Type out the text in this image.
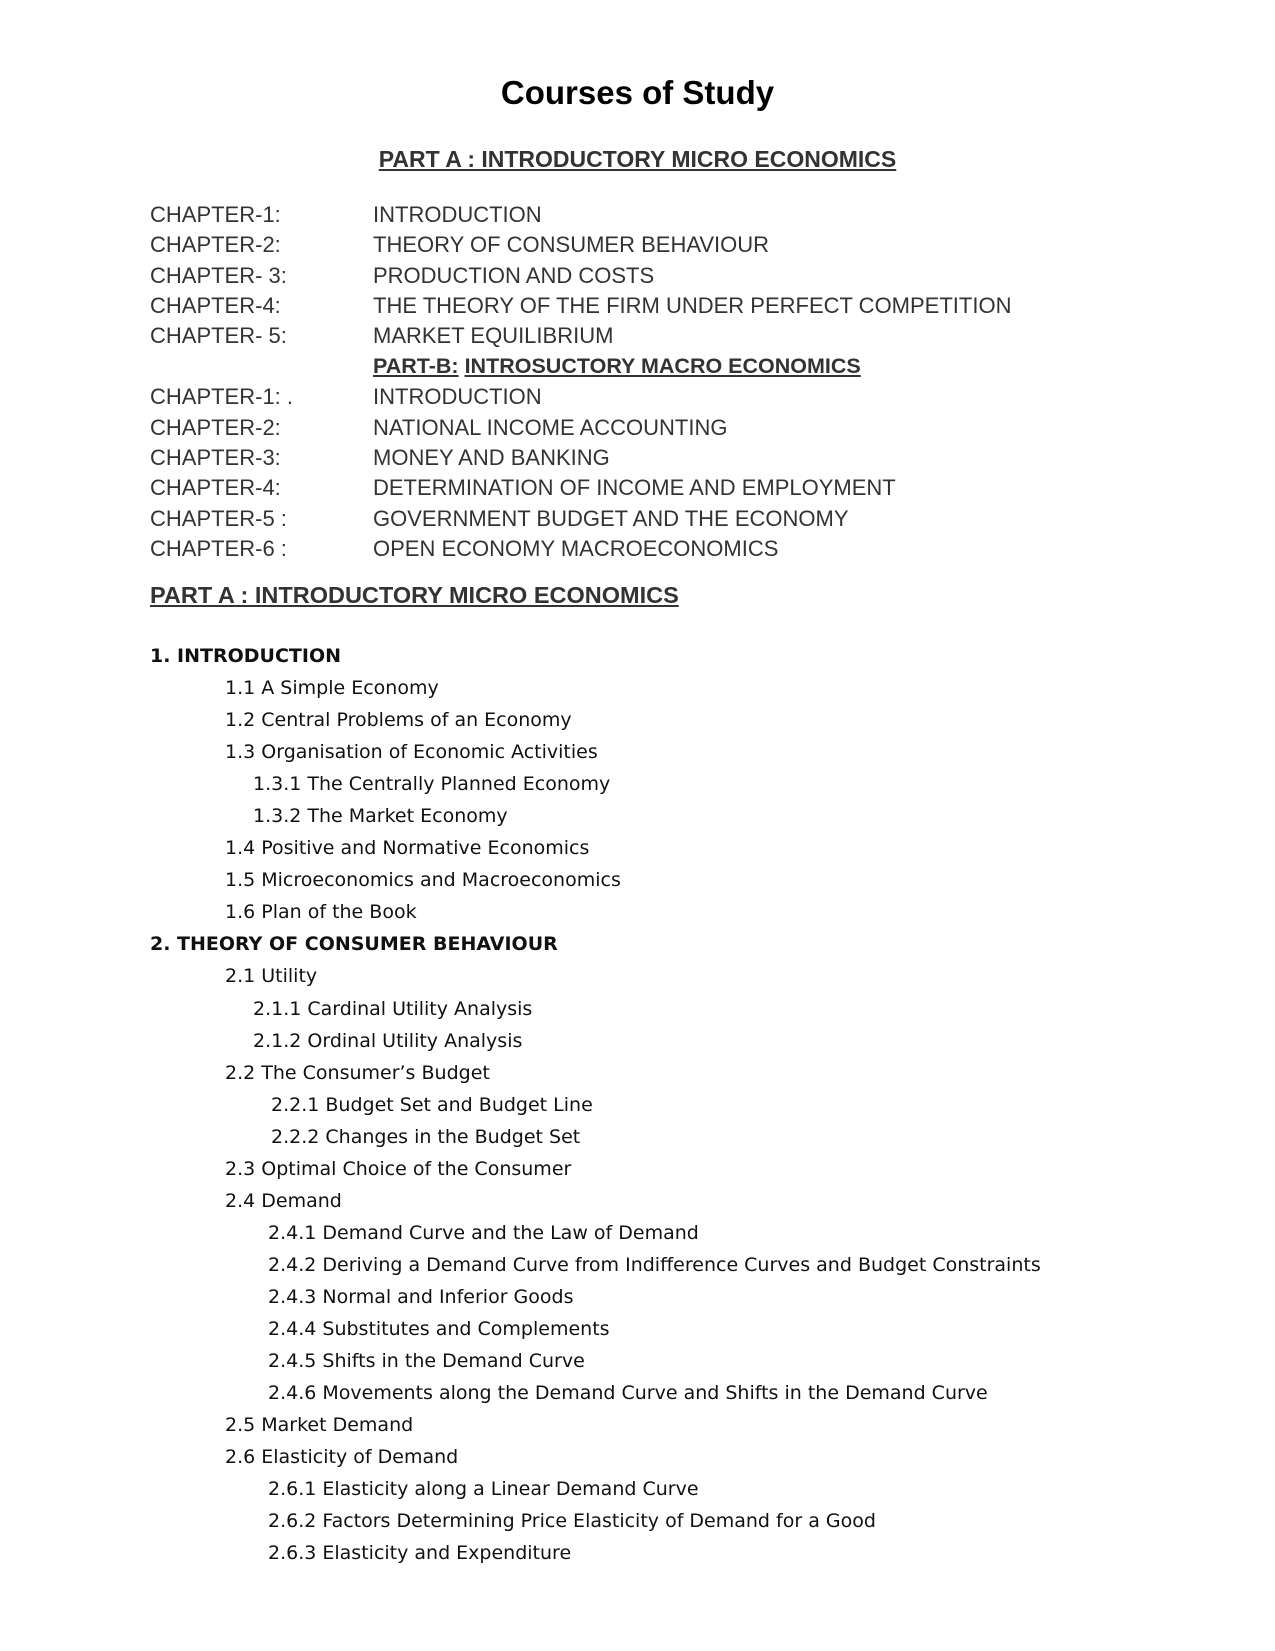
Courses of Study
PART A : INTRODUCTORY MICRO ECONOMICS
CHAPTER-1:	INTRODUCTION
CHAPTER-2:	THEORY OF CONSUMER BEHAVIOUR
CHAPTER- 3:	PRODUCTION AND COSTS
CHAPTER-4:	THE THEORY OF THE FIRM UNDER PERFECT COMPETITION
CHAPTER- 5:	MARKET EQUILIBRIUM
PART-B: INTROSUCTORY MACRO ECONOMICS
CHAPTER-1: .	INTRODUCTION
CHAPTER-2:	NATIONAL INCOME ACCOUNTING
CHAPTER-3:	MONEY AND BANKING
CHAPTER-4:	DETERMINATION OF INCOME AND EMPLOYMENT
CHAPTER-5 :	GOVERNMENT BUDGET AND THE ECONOMY
CHAPTER-6 :	OPEN ECONOMY MACROECONOMICS
PART A : INTRODUCTORY MICRO ECONOMICS
1. INTRODUCTION
1.1 A Simple Economy
1.2 Central Problems of an Economy
1.3 Organisation of Economic Activities
1.3.1 The Centrally Planned Economy
1.3.2 The Market Economy
1.4 Positive and Normative Economics
1.5 Microeconomics and Macroeconomics
1.6 Plan of the Book
2. THEORY OF CONSUMER BEHAVIOUR
2.1 Utility
2.1.1 Cardinal Utility Analysis
2.1.2 Ordinal Utility Analysis
2.2 The Consumer’s Budget
2.2.1 Budget Set and Budget Line
2.2.2 Changes in the Budget Set
2.3 Optimal Choice of the Consumer
2.4 Demand
2.4.1 Demand Curve and the Law of Demand
2.4.2 Deriving a Demand Curve from Indifference Curves and Budget Constraints
2.4.3 Normal and Inferior Goods
2.4.4 Substitutes and Complements
2.4.5 Shifts in the Demand Curve
2.4.6 Movements along the Demand Curve and Shifts in the Demand Curve
2.5 Market Demand
2.6 Elasticity of Demand
2.6.1 Elasticity along a Linear Demand Curve
2.6.2 Factors Determining Price Elasticity of Demand for a Good
2.6.3 Elasticity and Expenditure
